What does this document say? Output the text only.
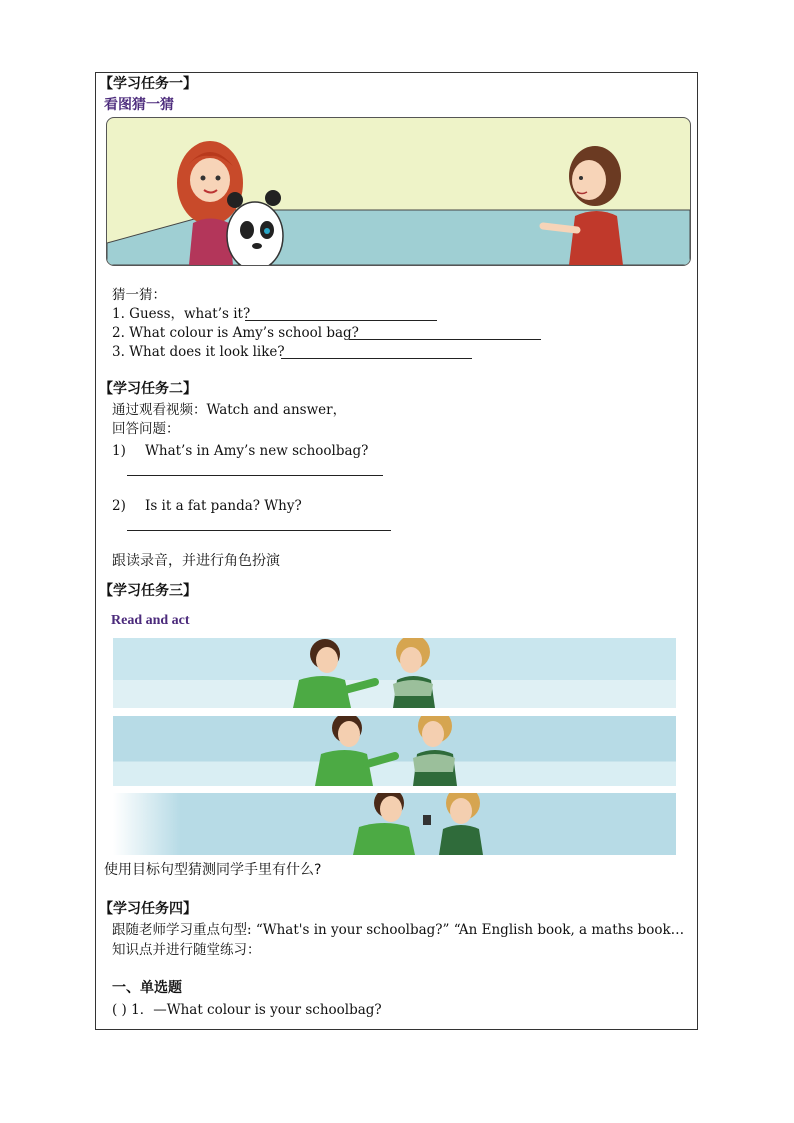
【学习任务一】
看图猜一猜
猜一猜：
1. Guess，what’s it?
2. What colour is Amy’s school bag?
3. What does it look like?
【学习任务二】
通过观看视频：Watch and answer，
回答问题：
1) What’s in Amy’s new schoolbag?
2) Is it a fat panda? Why?
跟读录音，并进行角色扮演
【学习任务三】
Read and act
使用目标句型猜测同学手里有什么?
【学习任务四】
跟随老师学习重点句型: “What's in your schoolbag?” “An English book, a maths book…
知识点并进行随堂练习：
一、单选题
( ) 1．—What colour is your schoolbag?
